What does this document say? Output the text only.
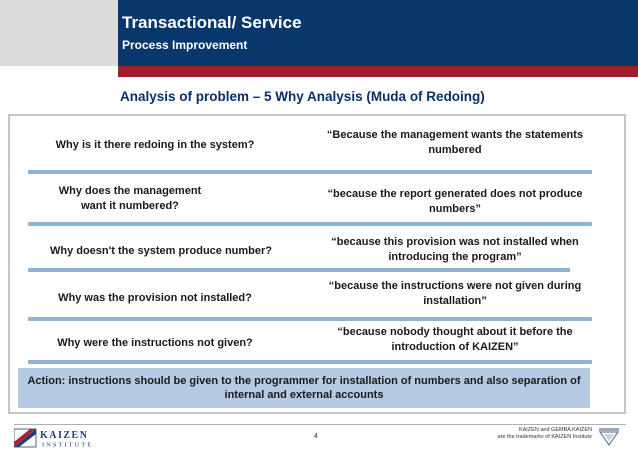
Transactional/ Service
Process Improvement
Analysis of problem – 5 Why Analysis (Muda of Redoing)
Why is it there redoing in the system?
“Because the management wants the statements numbered
Why does the management want it numbered?
“because the report generated does not produce numbers”
Why doesn't the system produce number?
“because this provision was not installed when introducing the program”
Why was the provision not installed?
“because the instructions were not given during installation”
Why were the instructions not given?
“because nobody thought about it before the introduction of KAIZEN”
Action: instructions should be given to the programmer for installation of numbers and also separation of internal and external accounts
KAIZEN
INSTITUTE
4
KAIZEN and GEMBA KAIZEN
are the trademarks of KAIZEN Institute
